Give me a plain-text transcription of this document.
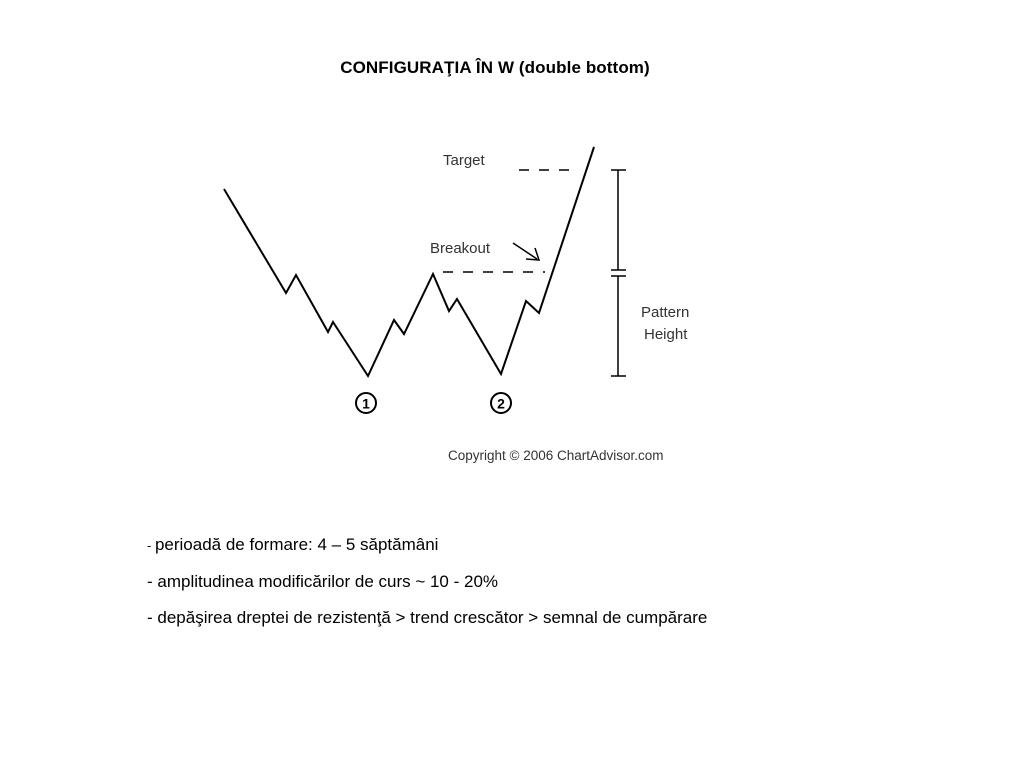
CONFIGURAŢIA ÎN W (double bottom)
Target
Breakout
Pattern
Height
1	2
Copyright © 2006 ChartAdvisor.com
- perioadă de formare: 4 – 5 săptămâni
- amplitudinea modificărilor de curs ~ 10 - 20%
- depăşirea dreptei de rezistenţă > trend crescător > semnal de cumpărare
